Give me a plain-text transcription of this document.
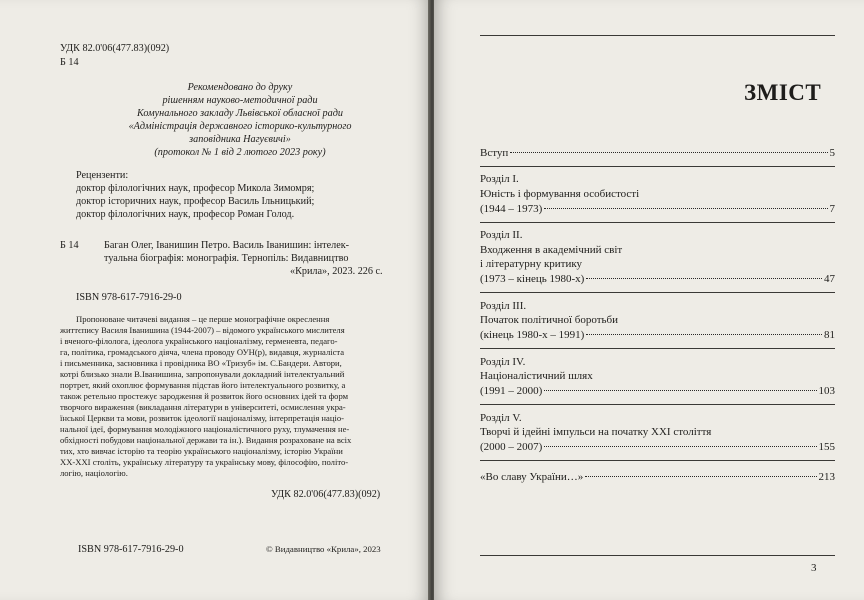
УДК 82.0'06(477.83)(092)
Б 14
Рекомендовано до друку
рішенням науково-методичної ради
Комунального закладу Львівської обласної ради
«Адміністрація державного історико-культурного
заповідника Нагуєвичі»
(протокол № 1 від 2 лютого 2023 року)
Рецензенти:
доктор філологічних наук, професор Микола Зимомря;
доктор історичних наук, професор Василь Ільницький;
доктор філологічних наук, професор Роман Голод.
Б 14 Баган Олег, Іванишин Петро. Василь Іванишин: інтелек-
туальна біографія: монографія. Тернопіль: Видавництво
«Крила», 2023. 226 с.
ISBN 978-617-7916-29-0
Пропоноване читачеві видання – це перше монографічне окреслення
життєпису Василя Іванишина (1944-2007) – відомого українського мислителя
і вченого-філолога, ідеолога українського націоналізму, герменевта, педаго-
га, політика, громадського діяча, члена проводу ОУН(р), видавця, журналіста
і письменника, засновника і провідника ВО «Тризуб» ім. С.Бандери. Автори,
котрі близько знали В.Іванишина, запропонували докладний інтелектуальний
портрет, який охоплює формування підстав його інтелектуального розвитку, а
також ретельно простежує зародження й розвиток його основних ідей та форм
творчого вираження (викладання літератури в університеті, осмислення укра-
їнської Церкви та мови, розвиток ідеології націоналізму, інтерпретація націо-
нальної ідеї, формування молодіжного націоналістичного руху, тлумачення не-
обхідності побудови національної держави та ін.). Видання розраховане на всіх
тих, хто вивчає історію та теорію українського націоналізму, історію України
ХХ-ХХІ століть, українську літературу та українську мову, філософію, політо-
логію, націологію.
УДК 82.0'06(477.83)(092)
ISBN 978-617-7916-29-0	© Видавництво «Крила», 2023
ЗМІСТ
Вступ	5
Розділ I.
Юність і формування особистості
(1944 – 1973)	7
Розділ II.
Входження в академічний світ
і літературну критику
(1973 – кінець 1980-х)	47
Розділ III.
Початок політичної боротьби
(кінець 1980-х – 1991)	81
Розділ IV.
Націоналістичний шлях
(1991 – 2000)	103
Розділ V.
Творчі й ідейні імпульси на початку ХХІ століття
(2000 – 2007)	155
«Во славу України…»	213
3
